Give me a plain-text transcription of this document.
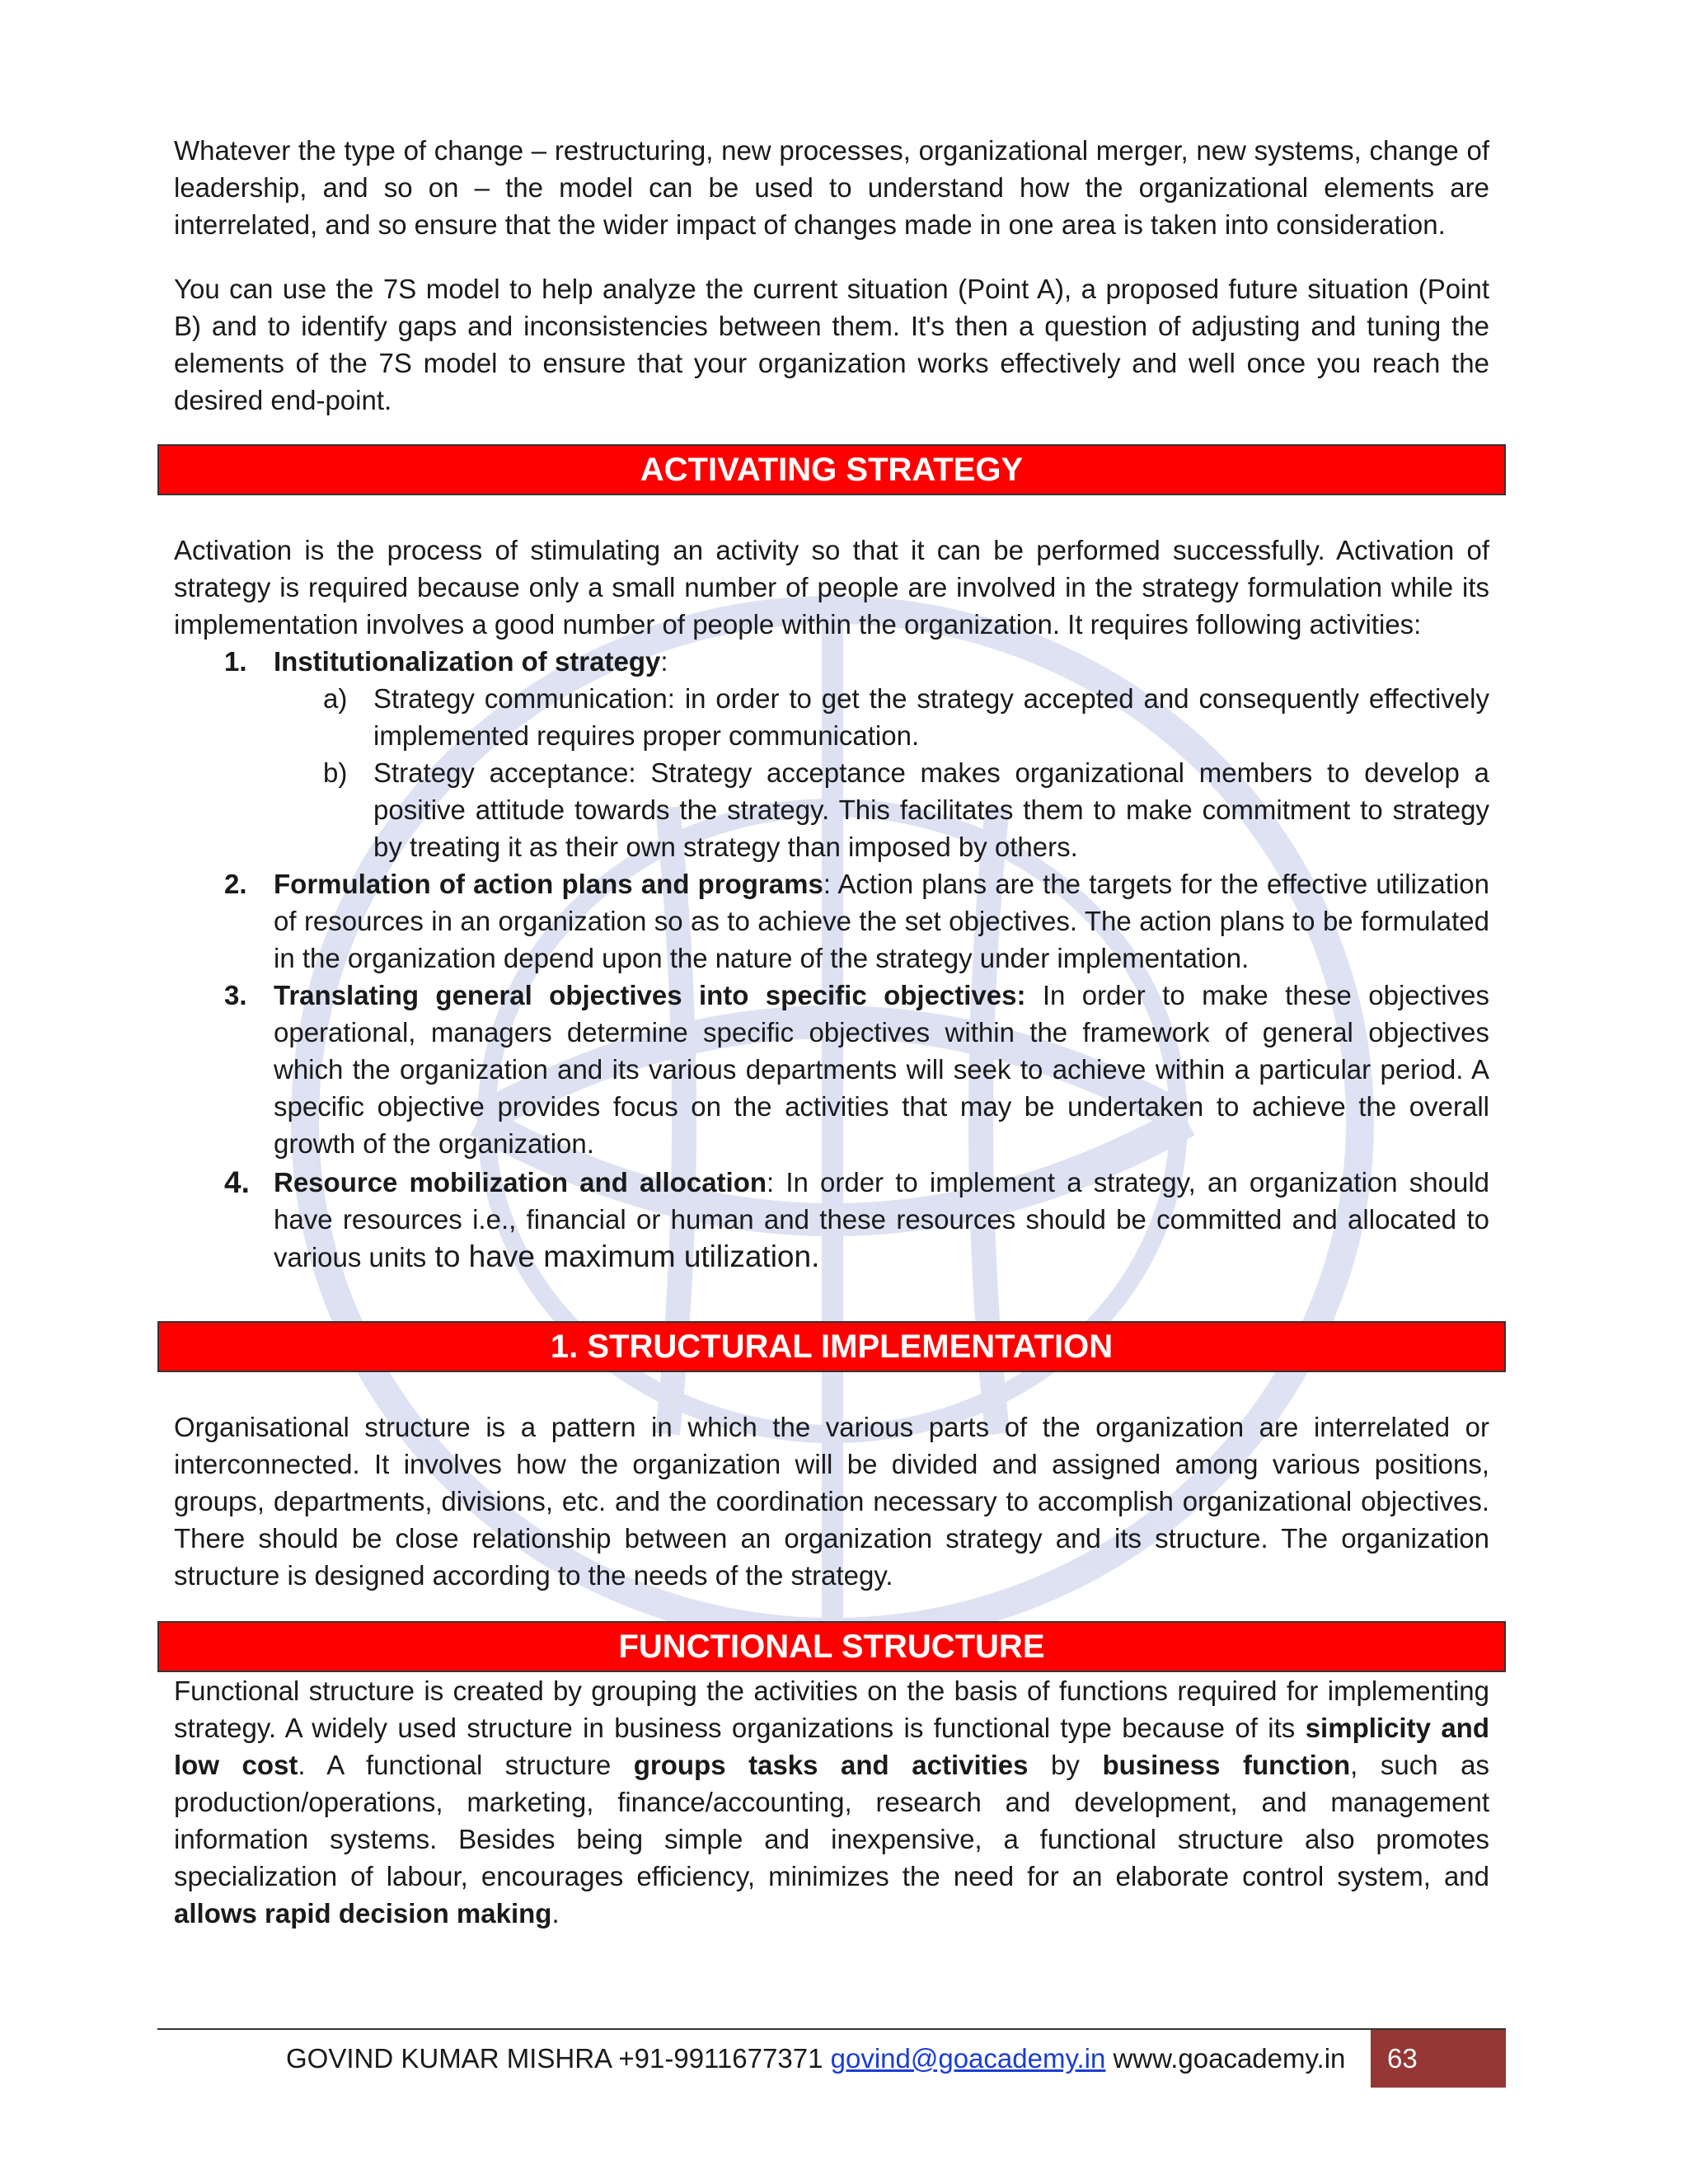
Whatever the type of change – restructuring, new processes, organizational merger, new systems, change of leadership, and so on – the model can be used to understand how the organizational elements are interrelated, and so ensure that the wider impact of changes made in one area is taken into consideration.

You can use the 7S model to help analyze the current situation (Point A), a proposed future situation (Point B) and to identify gaps and inconsistencies between them. It's then a question of adjusting and tuning the elements of the 7S model to ensure that your organization works effectively and well once you reach the desired end-point.

ACTIVATING STRATEGY

Activation is the process of stimulating an activity so that it can be performed successfully. Activation of strategy is required because only a small number of people are involved in the strategy formulation while its implementation involves a good number of people within the organization. It requires following activities:

1. Institutionalization of strategy:
a) Strategy communication: in order to get the strategy accepted and consequently effectively implemented requires proper communication.
b) Strategy acceptance: Strategy acceptance makes organizational members to develop a positive attitude towards the strategy. This facilitates them to make commitment to strategy by treating it as their own strategy than imposed by others.
2. Formulation of action plans and programs: Action plans are the targets for the effective utilization of resources in an organization so as to achieve the set objectives. The action plans to be formulated in the organization depend upon the nature of the strategy under implementation.
3. Translating general objectives into specific objectives: In order to make these objectives operational, managers determine specific objectives within the framework of general objectives which the organization and its various departments will seek to achieve within a particular period. A specific objective provides focus on the activities that may be undertaken to achieve the overall growth of the organization.
4. Resource mobilization and allocation: In order to implement a strategy, an organization should have resources i.e., financial or human and these resources should be committed and allocated to various units to have maximum utilization.
1. STRUCTURAL IMPLEMENTATION

Organisational structure is a pattern in which the various parts of the organization are interrelated or interconnected. It involves how the organization will be divided and assigned among various positions, groups, departments, divisions, etc. and the coordination necessary to accomplish organizational objectives. There should be close relationship between an organization strategy and its structure. The organization structure is designed according to the needs of the strategy.

FUNCTIONAL STRUCTURE

Functional structure is created by grouping the activities on the basis of functions required for implementing strategy. A widely used structure in business organizations is functional type because of its simplicity and low cost. A functional structure groups tasks and activities by business function, such as production/operations, marketing, finance/accounting, research and development, and management information systems. Besides being simple and inexpensive, a functional structure also promotes specialization of labour, encourages efficiency, minimizes the need for an elaborate control system, and allows rapid decision making.

GOVIND KUMAR MISHRA +91-9911677371 govind@goacademy.in www.goacademy.in	63
